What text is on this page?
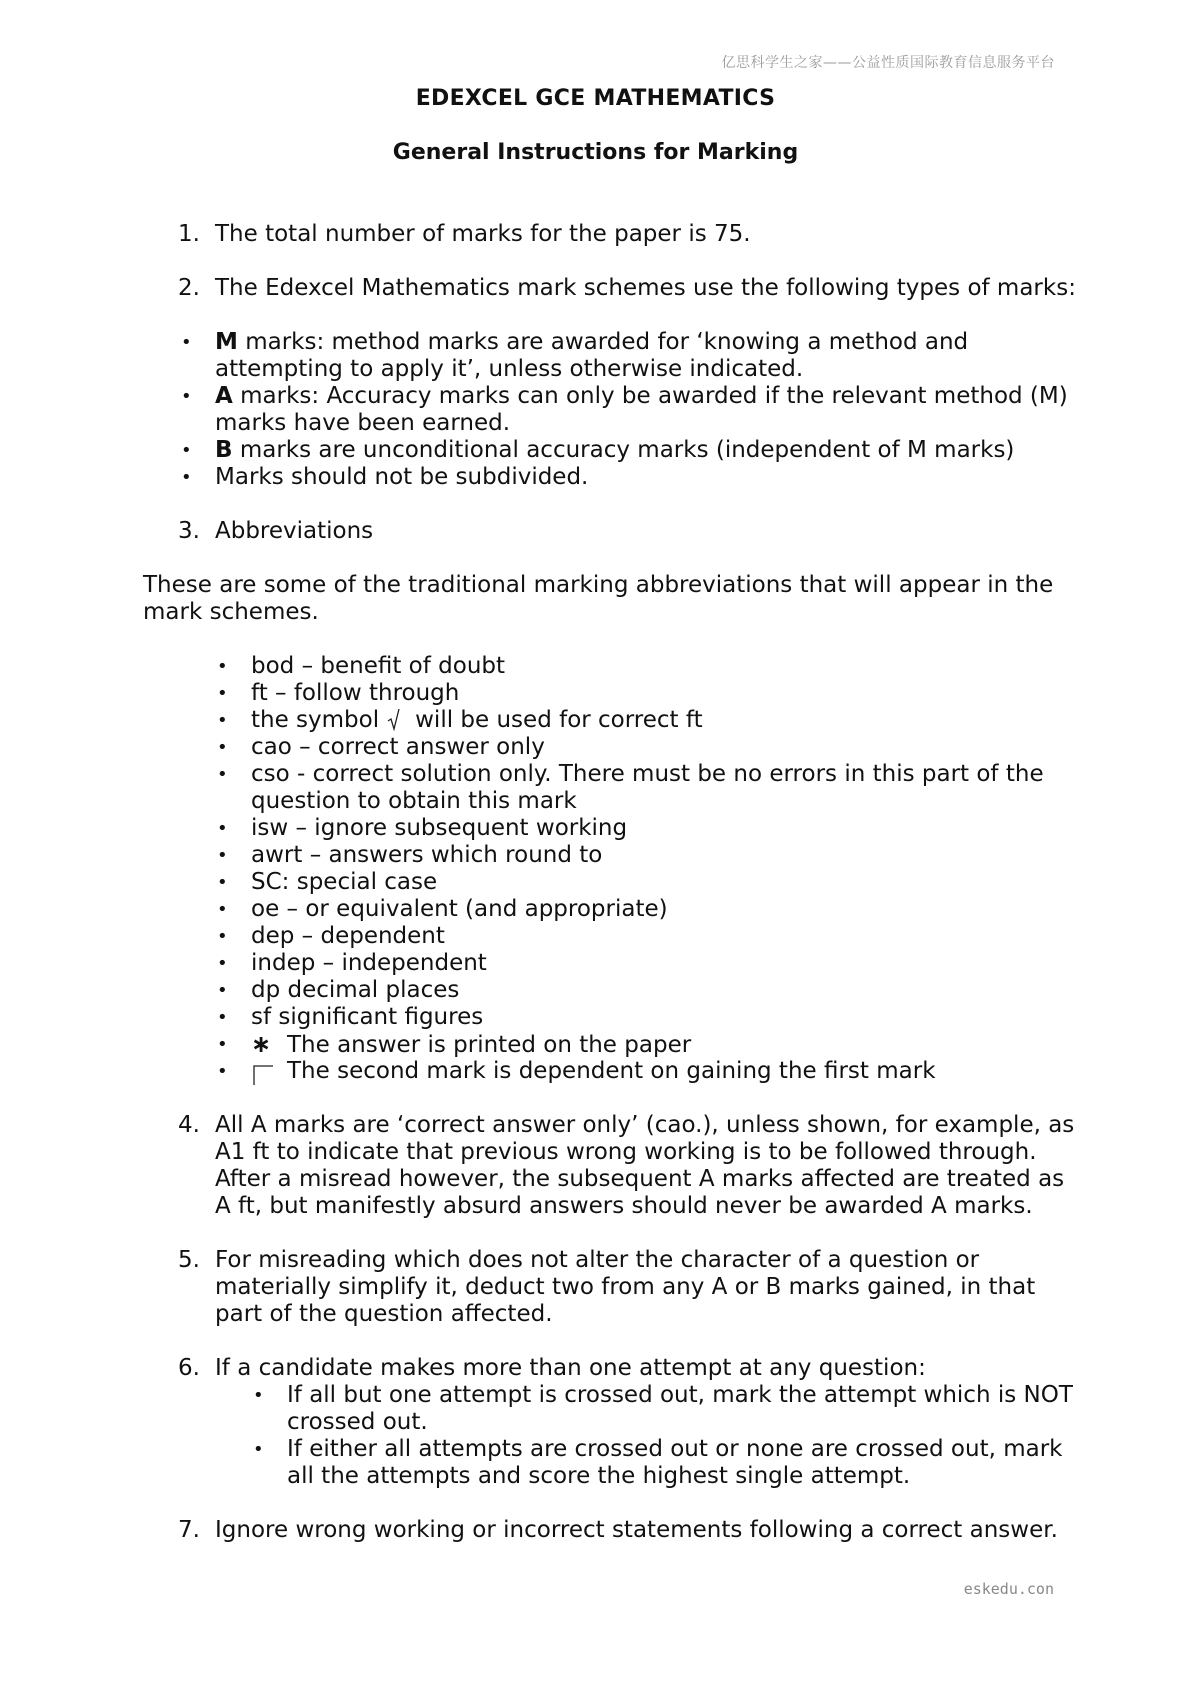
亿思科学生之家——公益性质国际教育信息服务平台
EDEXCEL GCE MATHEMATICS
General Instructions for Marking
1. The total number of marks for the paper is 75.
2. The Edexcel Mathematics mark schemes use the following types of marks:
• M marks: method marks are awarded for ‘knowing a method and
attempting to apply it’, unless otherwise indicated.
• A marks: Accuracy marks can only be awarded if the relevant method (M)
marks have been earned.
• B marks are unconditional accuracy marks (independent of M marks)
• Marks should not be subdivided.
3. Abbreviations
These are some of the traditional marking abbreviations that will appear in the
mark schemes.
• bod – benefit of doubt
• ft – follow through
• the symbol will be used for correct ft
• cao – correct answer only
• cso - correct solution only. There must be no errors in this part of the
question to obtain this mark
• isw – ignore subsequent working
• awrt – answers which round to
• SC: special case
• oe – or equivalent (and appropriate)
• dep – dependent
• indep – independent
• dp decimal places
• sf significant figures
• ∗ The answer is printed on the paper
•	The second mark is dependent on gaining the first mark
4. All A marks are ‘correct answer only’ (cao.), unless shown, for example, as
A1 ft to indicate that previous wrong working is to be followed through.
After a misread however, the subsequent A marks affected are treated as
A ft, but manifestly absurd answers should never be awarded A marks.
5. For misreading which does not alter the character of a question or
materially simplify it, deduct two from any A or B marks gained, in that
part of the question affected.
6. If a candidate makes more than one attempt at any question:
• If all but one attempt is crossed out, mark the attempt which is NOT
crossed out.
• If either all attempts are crossed out or none are crossed out, mark
all the attempts and score the highest single attempt.
7. Ignore wrong working or incorrect statements following a correct answer.
eskedu.con
